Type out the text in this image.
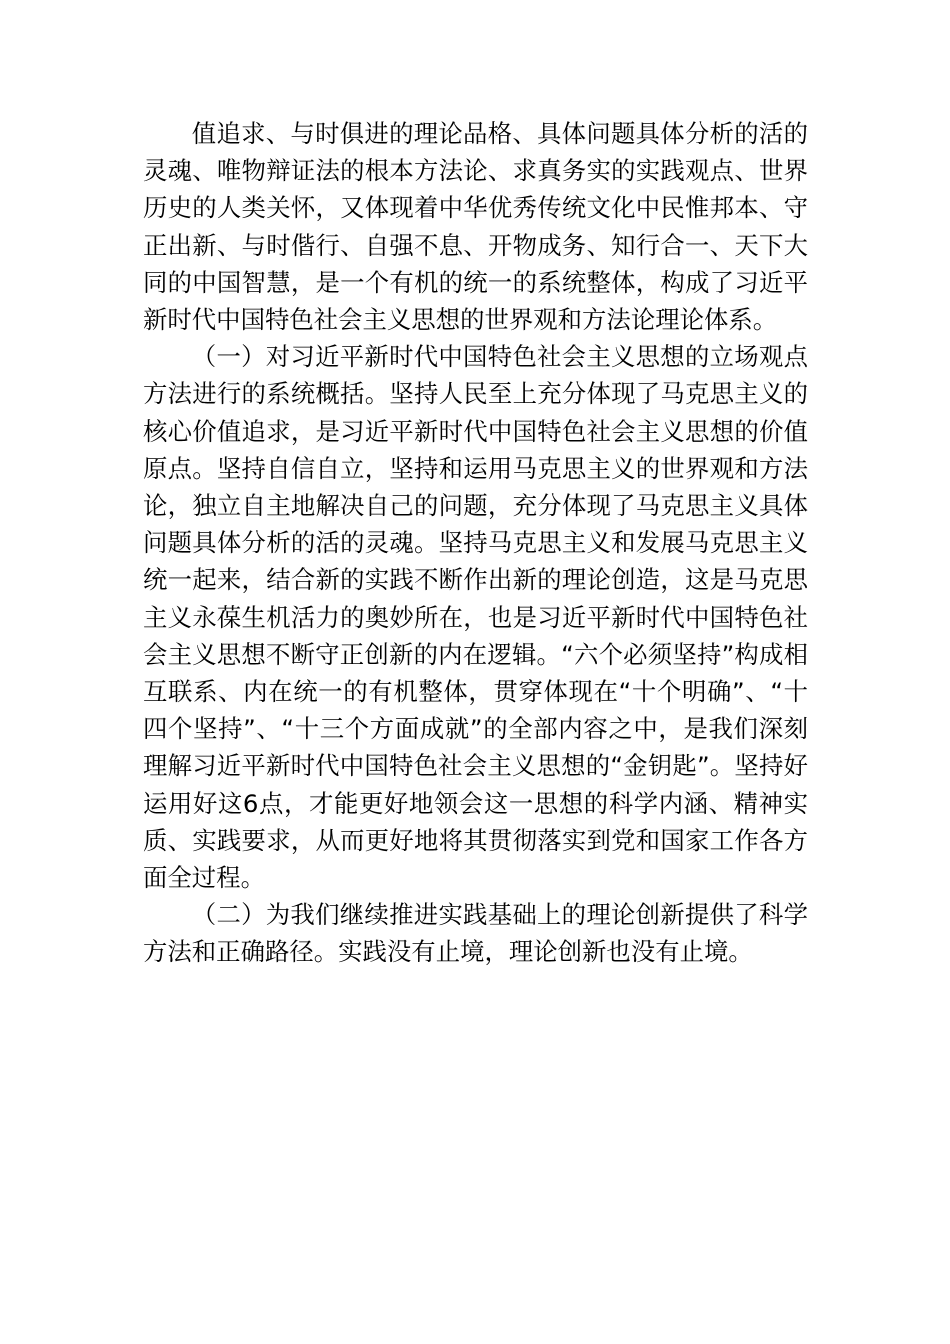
值追求、与时俱进的理论品格、具体问题具体分析的活的灵魂、唯物辩证法的根本方法论、求真务实的实践观点、世界历史的人类关怀，又体现着中华优秀传统文化中民惟邦本、守正出新、与时偕行、自强不息、开物成务、知行合一、天下大同的中国智慧，是一个有机的统一的系统整体，构成了习近平新时代中国特色社会主义思想的世界观和方法论理论体系。

（一）对习近平新时代中国特色社会主义思想的立场观点方法进行的系统概括。坚持人民至上充分体现了马克思主义的核心价值追求，是习近平新时代中国特色社会主义思想的价值原点。坚持自信自立，坚持和运用马克思主义的世界观和方法论，独立自主地解决自己的问题，充分体现了马克思主义具体问题具体分析的活的灵魂。坚持马克思主义和发展马克思主义统一起来，结合新的实践不断作出新的理论创造，这是马克思主义永葆生机活力的奥妙所在，也是习近平新时代中国特色社会主义思想不断守正创新的内在逻辑。“六个必须坚持”构成相互联系、内在统一的有机整体，贯穿体现在“十个明确”、“十四个坚持”、“十三个方面成就”的全部内容之中，是我们深刻理解习近平新时代中国特色社会主义思想的“金钥匙”。坚持好运用好这6点，才能更好地领会这一思想的科学内涵、精神实质、实践要求，从而更好地将其贯彻落实到党和国家工作各方面全过程。

（二）为我们继续推进实践基础上的理论创新提供了科学方法和正确路径。实践没有止境，理论创新也没有止境。
